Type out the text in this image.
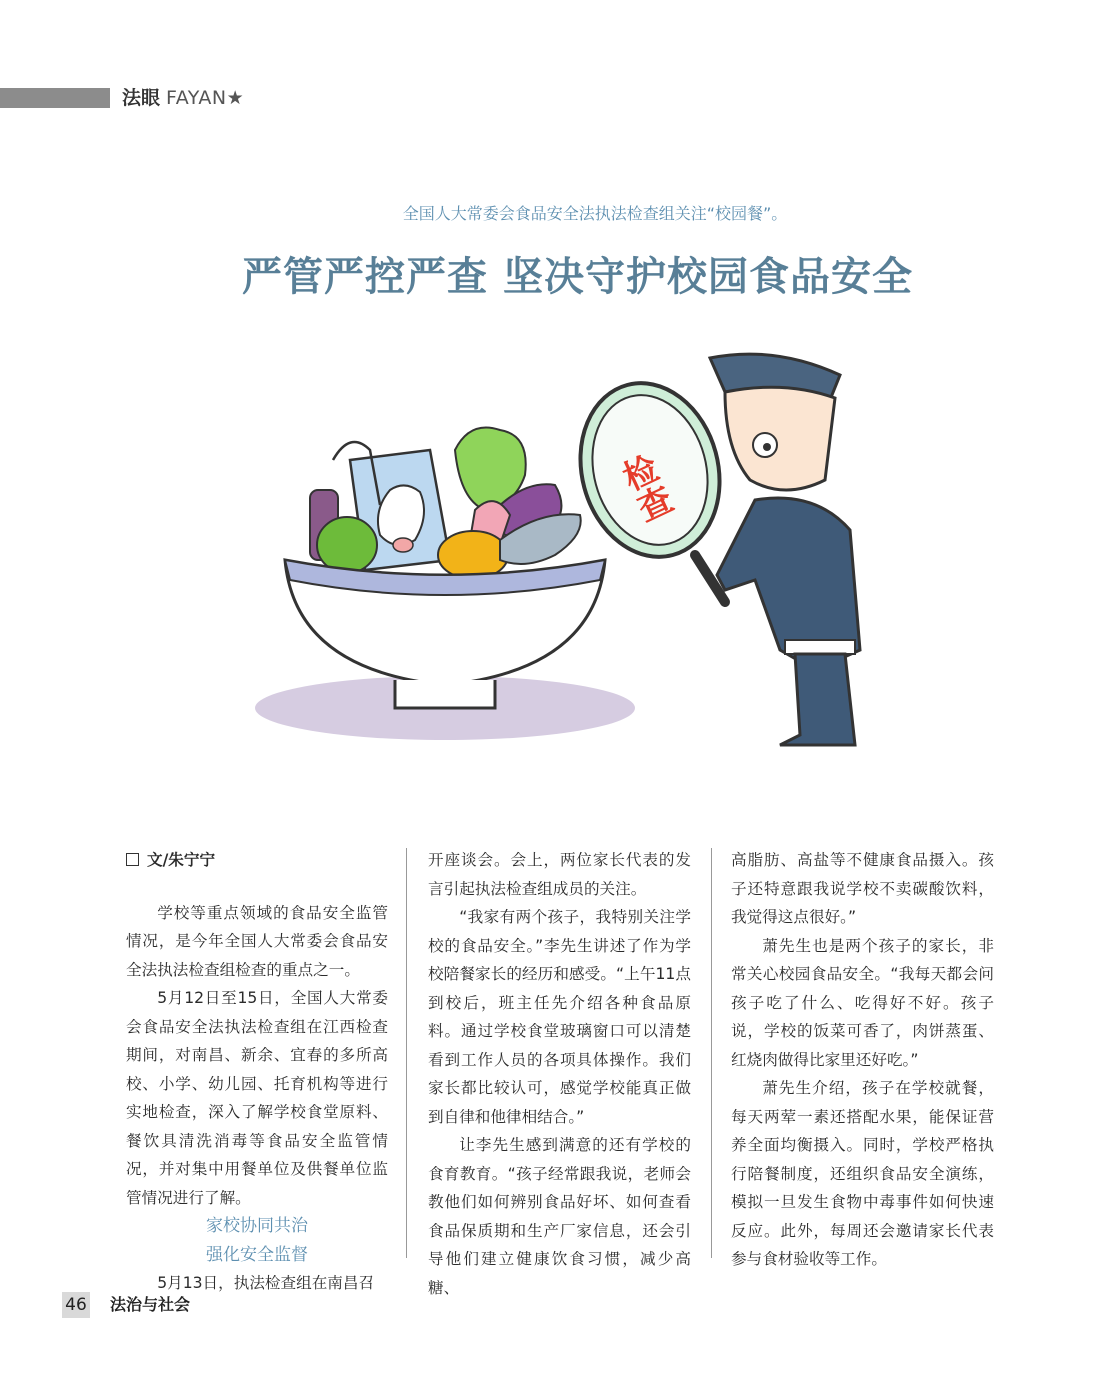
法眼 FAYAN★
全国人大常委会食品安全法执法检查组关注“校园餐”。
严管严控严查 坚决守护校园食品安全
检查
文/朱宁宁

学校等重点领域的食品安全监管情况，是今年全国人大常委会食品安全法执法检查组检查的重点之一。

5月12日至15日，全国人大常委会食品安全法执法检查组在江西检查期间，对南昌、新余、宜春的多所高校、小学、幼儿园、托育机构等进行实地检查，深入了解学校食堂原料、餐饮具清洗消毒等食品安全监管情况，并对集中用餐单位及供餐单位监管情况进行了解。

家校协同共治
强化安全监督

5月13日，执法检查组在南昌召

开座谈会。会上，两位家长代表的发言引起执法检查组成员的关注。

“我家有两个孩子，我特别关注学校的食品安全。”李先生讲述了作为学校陪餐家长的经历和感受。“上午11点到校后，班主任先介绍各种食品原料。通过学校食堂玻璃窗口可以清楚看到工作人员的各项具体操作。我们家长都比较认可，感觉学校能真正做到自律和他律相结合。”

让李先生感到满意的还有学校的食育教育。“孩子经常跟我说，老师会教他们如何辨别食品好坏、如何查看食品保质期和生产厂家信息，还会引导他们建立健康饮食习惯，减少高糖、

高脂肪、高盐等不健康食品摄入。孩子还特意跟我说学校不卖碳酸饮料，我觉得这点很好。”

萧先生也是两个孩子的家长，非常关心校园食品安全。“我每天都会问孩子吃了什么、吃得好不好。孩子说，学校的饭菜可香了，肉饼蒸蛋、红烧肉做得比家里还好吃。”

萧先生介绍，孩子在学校就餐，每天两荤一素还搭配水果，能保证营养全面均衡摄入。同时，学校严格执行陪餐制度，还组织食品安全演练，模拟一旦发生食物中毒事件如何快速反应。此外，每周还会邀请家长代表参与食材验收等工作。

46 法治与社会
